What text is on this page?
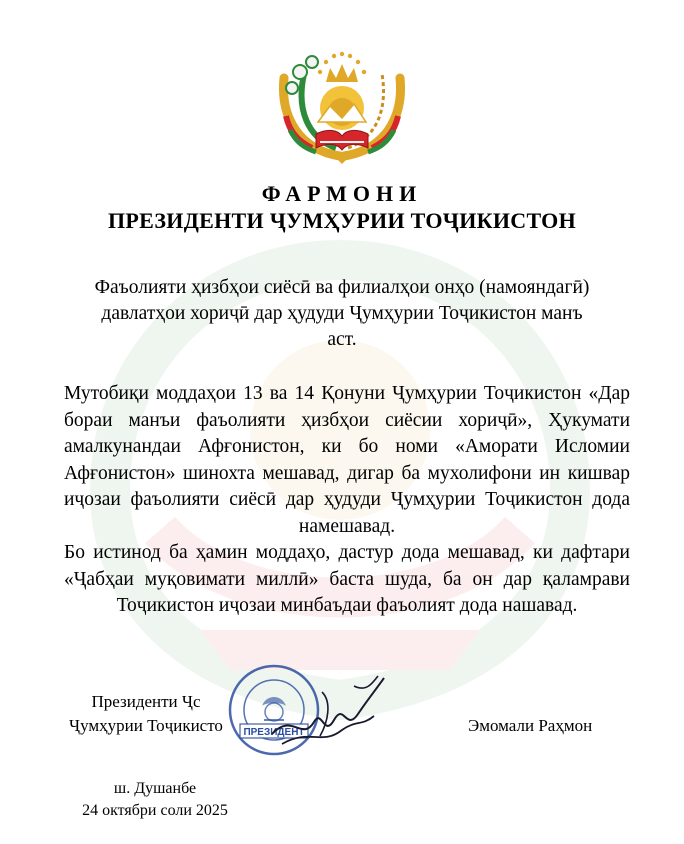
ФАРМОНИ
ПРЕЗИДЕНТИ ҶУМҲУРИИ ТОҶИКИСТОН
Фаъолияти ҳизбҳои сиёсӣ ва филиалҳои онҳо (намояндагӣ) давлатҳои хориҷӣ дар ҳудуди Ҷумҳурии Тоҷикистон манъ аст.

Мутобиқи моддаҳои 13 ва 14 Қонуни Ҷумҳурии Тоҷикистон «Дар бораи манъи фаъолияти ҳизбҳои сиёсии хориҷӣ», Ҳукумати амалкунандаи Афғонистон, ки бо номи «Аморати Исломии Афғонистон» шинохта мешавад, дигар ба мухолифони ин кишвар иҷозаи фаъолияти сиёсӣ дар ҳудуди Ҷумҳурии Тоҷикистон дода намешавад.

Бо истинод ба ҳамин моддаҳо, дастур дода мешавад, ки дафтари «Ҷабҳаи муқовимати миллӣ» баста шуда, ба он дар қаламрави Тоҷикистон иҷозаи минбаъдаи фаъолият дода нашавад.

Президенти Ҷс
Ҷумҳурии Тоҷикисто	ПРЕЗИДЕНТ	Эмомали Раҳмон
ш. Душанбе
24 октябри соли 2025
